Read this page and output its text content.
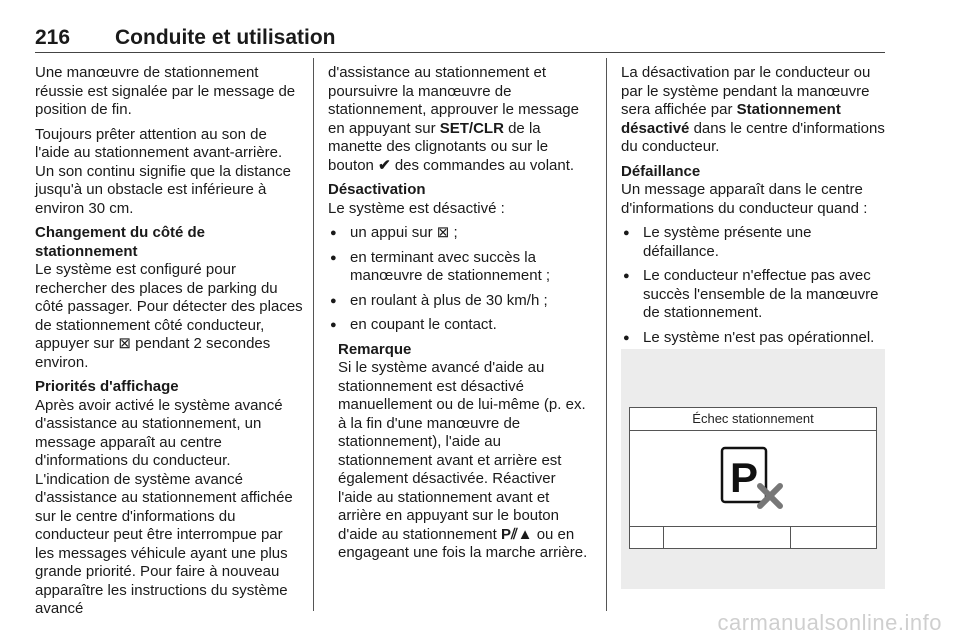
216 Conduite et utilisation

Une manœuvre de stationnement réussie est signalée par le message de position de fin.

Toujours prêter attention au son de l'aide au stationnement avant-arrière. Un son continu signifie que la distance jusqu'à un obstacle est inférieure à environ 30 cm.

Changement du côté de stationnement

Le système est configuré pour rechercher des places de parking du côté passager. Pour détecter des places de stationnement côté conducteur, appuyer sur ⊠ pendant 2 secondes environ.

Priorités d'affichage

Après avoir activé le système avancé d'assistance au stationnement, un message apparaît au centre d'informations du conducteur. L'indication de système avancé d'assistance au stationnement affichée sur le centre d'informations du conducteur peut être interrompue par les messages véhicule ayant une plus grande priorité. Pour faire à nouveau apparaître les instructions du système avancé

d'assistance au stationnement et poursuivre la manœuvre de stationnement, approuver le message en appuyant sur SET/CLR de la manette des clignotants ou sur le bouton ✔ des commandes au volant.

Désactivation

Le système est désactivé :

● un appui sur ⊠ ;
● en terminant avec succès la manœuvre de stationnement ;
● en roulant à plus de 30 km/h ;
● en coupant le contact.

Remarque

Si le système avancé d'aide au stationnement est désactivé manuellement ou de lui-même (p. ex. à la fin d'une manœuvre de stationnement), l'aide au stationnement avant et arrière est également désactivée. Réactiver l'aide au stationnement avant et arrière en appuyant sur le bouton d'aide au stationnement P⫽▲ ou en engageant une fois la marche arrière.

La désactivation par le conducteur ou par le système pendant la manœuvre sera affichée par Stationnement désactivé dans le centre d'informations du conducteur.

Défaillance

Un message apparaît dans le centre d'informations du conducteur quand :

● Le système présente une défaillance.
● Le conducteur n'effectue pas avec succès l'ensemble de la manœuvre de stationnement.
● Le système n'est pas opérationnel.
Échec stationnement
P
carmanualsonline.info
